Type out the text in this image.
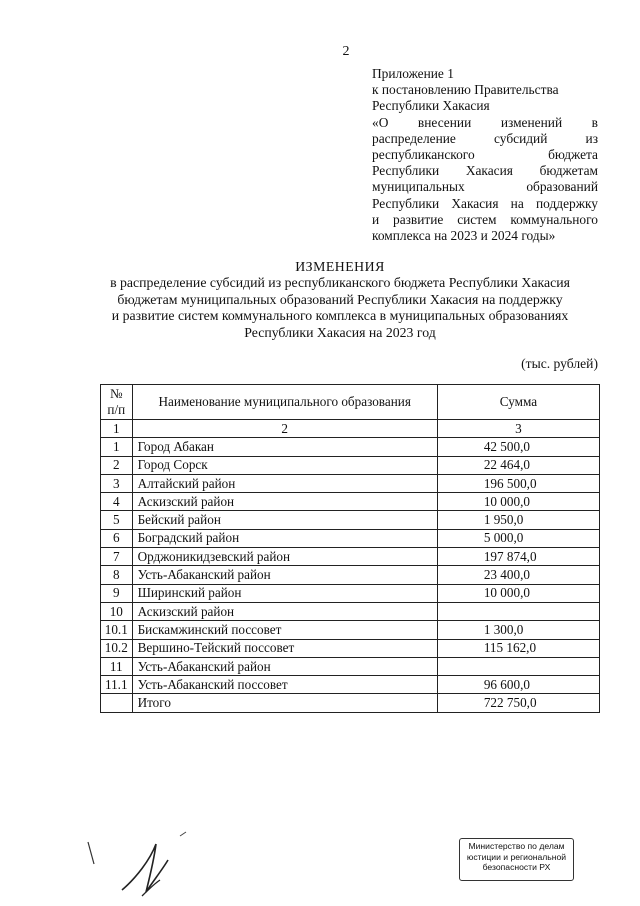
2
Приложение 1
к постановлению Правительства
Республики Хакасия
«О внесении изменений в
распределение субсидий из
республиканского бюджета
Республики Хакасия бюджетам
муниципальных образований
Республики Хакасия на поддержку
и развитие систем коммунального
комплекса на 2023 и 2024 годы»
ИЗМЕНЕНИЯ
в распределение субсидий из республиканского бюджета Республики Хакасия
бюджетам муниципальных образований Республики Хакасия на поддержку
и развитие систем коммунального комплекса в муниципальных образованиях
Республики Хакасия на 2023 год
(тыс. рублей)
№ п/п	Наименование муниципального образования	Сумма
1	2	3
1	Город Абакан	42 500,0
2	Город Сорск	22 464,0
3	Алтайский район	196 500,0
4	Аскизский район	10 000,0
5	Бейский район	1 950,0
6	Боградский район	5 000,0
7	Орджоникидзевский район	197 874,0
8	Усть-Абаканский район	23 400,0
9	Ширинский район	10 000,0
10	Аскизский район	
10.1	Бискамжинский поссовет	1 300,0
10.2	Вершино-Тейский поссовет	115 162,0
11	Усть-Абаканский район	
11.1	Усть-Абаканский поссовет	96 600,0
	Итого	722 750,0
Министерство по делам
юстиции и региональной
безопасности РХ
